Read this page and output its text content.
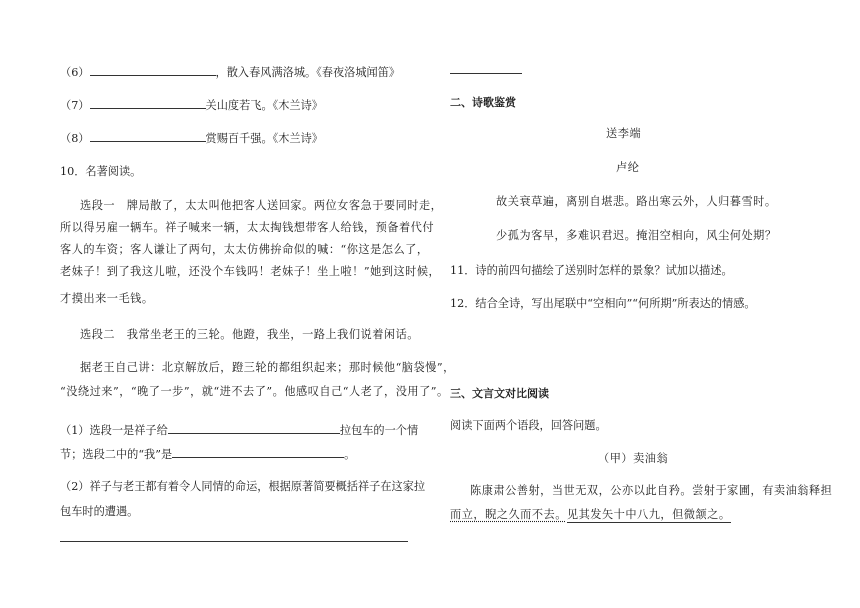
（6）	，散入春风满洛城。《春夜洛城闻笛》
（7）	关山度若飞。《木兰诗》
（8）	赏赐百千强。《木兰诗》
10．名著阅读。
选段一　牌局散了，太太叫他把客人送回家。两位女客急于要同时走，
所以得另雇一辆车。祥子喊来一辆，太太掏钱想带客人给钱，预备着代付
客人的车资；客人谦让了两句，太太仿佛拚命似的喊：“你这是怎么了，
老妹子！到了我这儿啦，还没个车钱吗！老妹子！坐上啦！”她到这时候，
才摸出来一毛钱。
选段二　我常坐老王的三轮。他蹬，我坐，一路上我们说着闲话。
据老王自己讲：北京解放后，蹬三轮的都组织起来；那时候他“脑袋慢”，
“没绕过来”，“晚了一步”，就“进不去了”。他感叹自己“人老了，没用了”。
（1）选段一是祥子给	拉包车的一个情
节；选段二中的“我”是	。
（2）祥子与老王都有着令人同情的命运，根据原著简要概括祥子在这家拉
包车时的遭遇。
二、诗歌鉴赏
送李端
卢纶
故关衰草遍，离别自堪悲。路出寒云外，人归暮雪时。
少孤为客早，多难识君迟。掩泪空相向，风尘何处期？
11．诗的前四句描绘了送别时怎样的景象？试加以描述。
12．结合全诗，写出尾联中“空相向”“何所期”所表达的情感。
三、文言文对比阅读
阅读下面两个语段，回答问题。
（甲）卖油翁
陈康肃公善射，当世无双，公亦以此自矜。尝射于家圃，有卖油翁释担
而立，睨之久而不去。见其发矢十中八九，但微颔之。
